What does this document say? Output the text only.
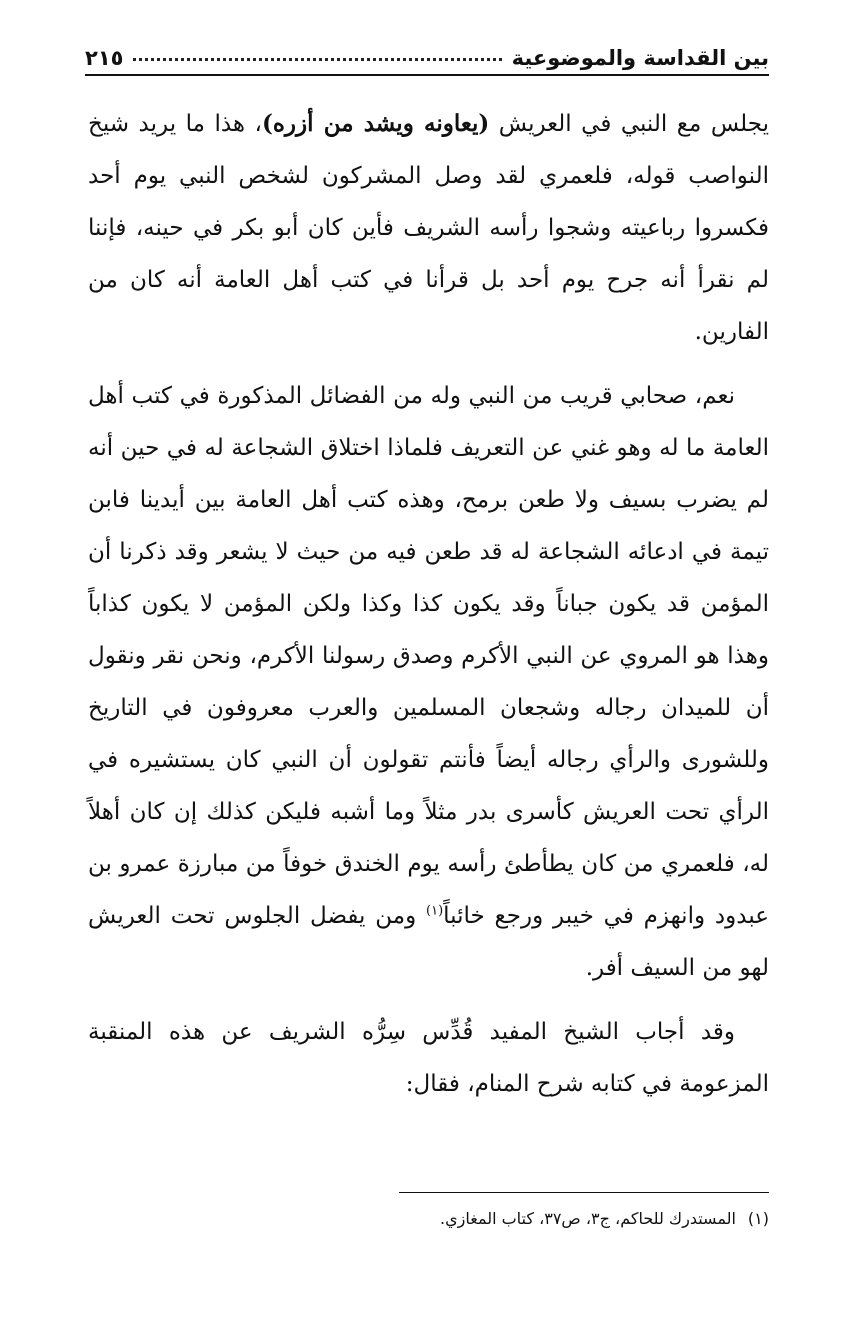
بين القداسة والموضوعية
٢١٥

يجلس مع النبي في العريش (يعاونه ويشد من أزره)، هذا ما يريد شيخ النواصب قوله، فلعمري لقد وصل المشركون لشخص النبي يوم أحد فكسروا رباعيته وشجوا رأسه الشريف فأين كان أبو بكر في حينه، فإننا لم نقرأ أنه جرح يوم أحد بل قرأنا في كتب أهل العامة أنه كان من الفارين.

نعم، صحابي قريب من النبي وله من الفضائل المذكورة في كتب أهل العامة ما له وهو غني عن التعريف فلماذا اختلاق الشجاعة له في حين أنه لم يضرب بسيف ولا طعن برمح، وهذه كتب أهل العامة بين أيدينا فابن تيمة في ادعائه الشجاعة له قد طعن فيه من حيث لا يشعر وقد ذكرنا أن المؤمن قد يكون جباناً وقد يكون كذا وكذا ولكن المؤمن لا يكون كذاباً وهذا هو المروي عن النبي الأكرم وصدق رسولنا الأكرم، ونحن نقر ونقول أن للميدان رجاله وشجعان المسلمين والعرب معروفون في التاريخ وللشورى والرأي رجاله أيضاً فأنتم تقولون أن النبي كان يستشيره في الرأي تحت العريش كأسرى بدر مثلاً وما أشبه فليكن كذلك إن كان أهلاً له، فلعمري من كان يطأطئ رأسه يوم الخندق خوفاً من مبارزة عمرو بن عبدود وانهزم في خيبر ورجع خائباً$^{(١)}$ ومن يفضل الجلوس تحت العريش لهو من السيف أفر.

وقد أجاب الشيخ المفيد قُدِّس سِرُّه الشريف عن هذه المنقبة المزعومة في كتابه شرح المنام، فقال:

(١)المستدرك للحاكم، ج٣، ص٣٧، كتاب المغازي.
